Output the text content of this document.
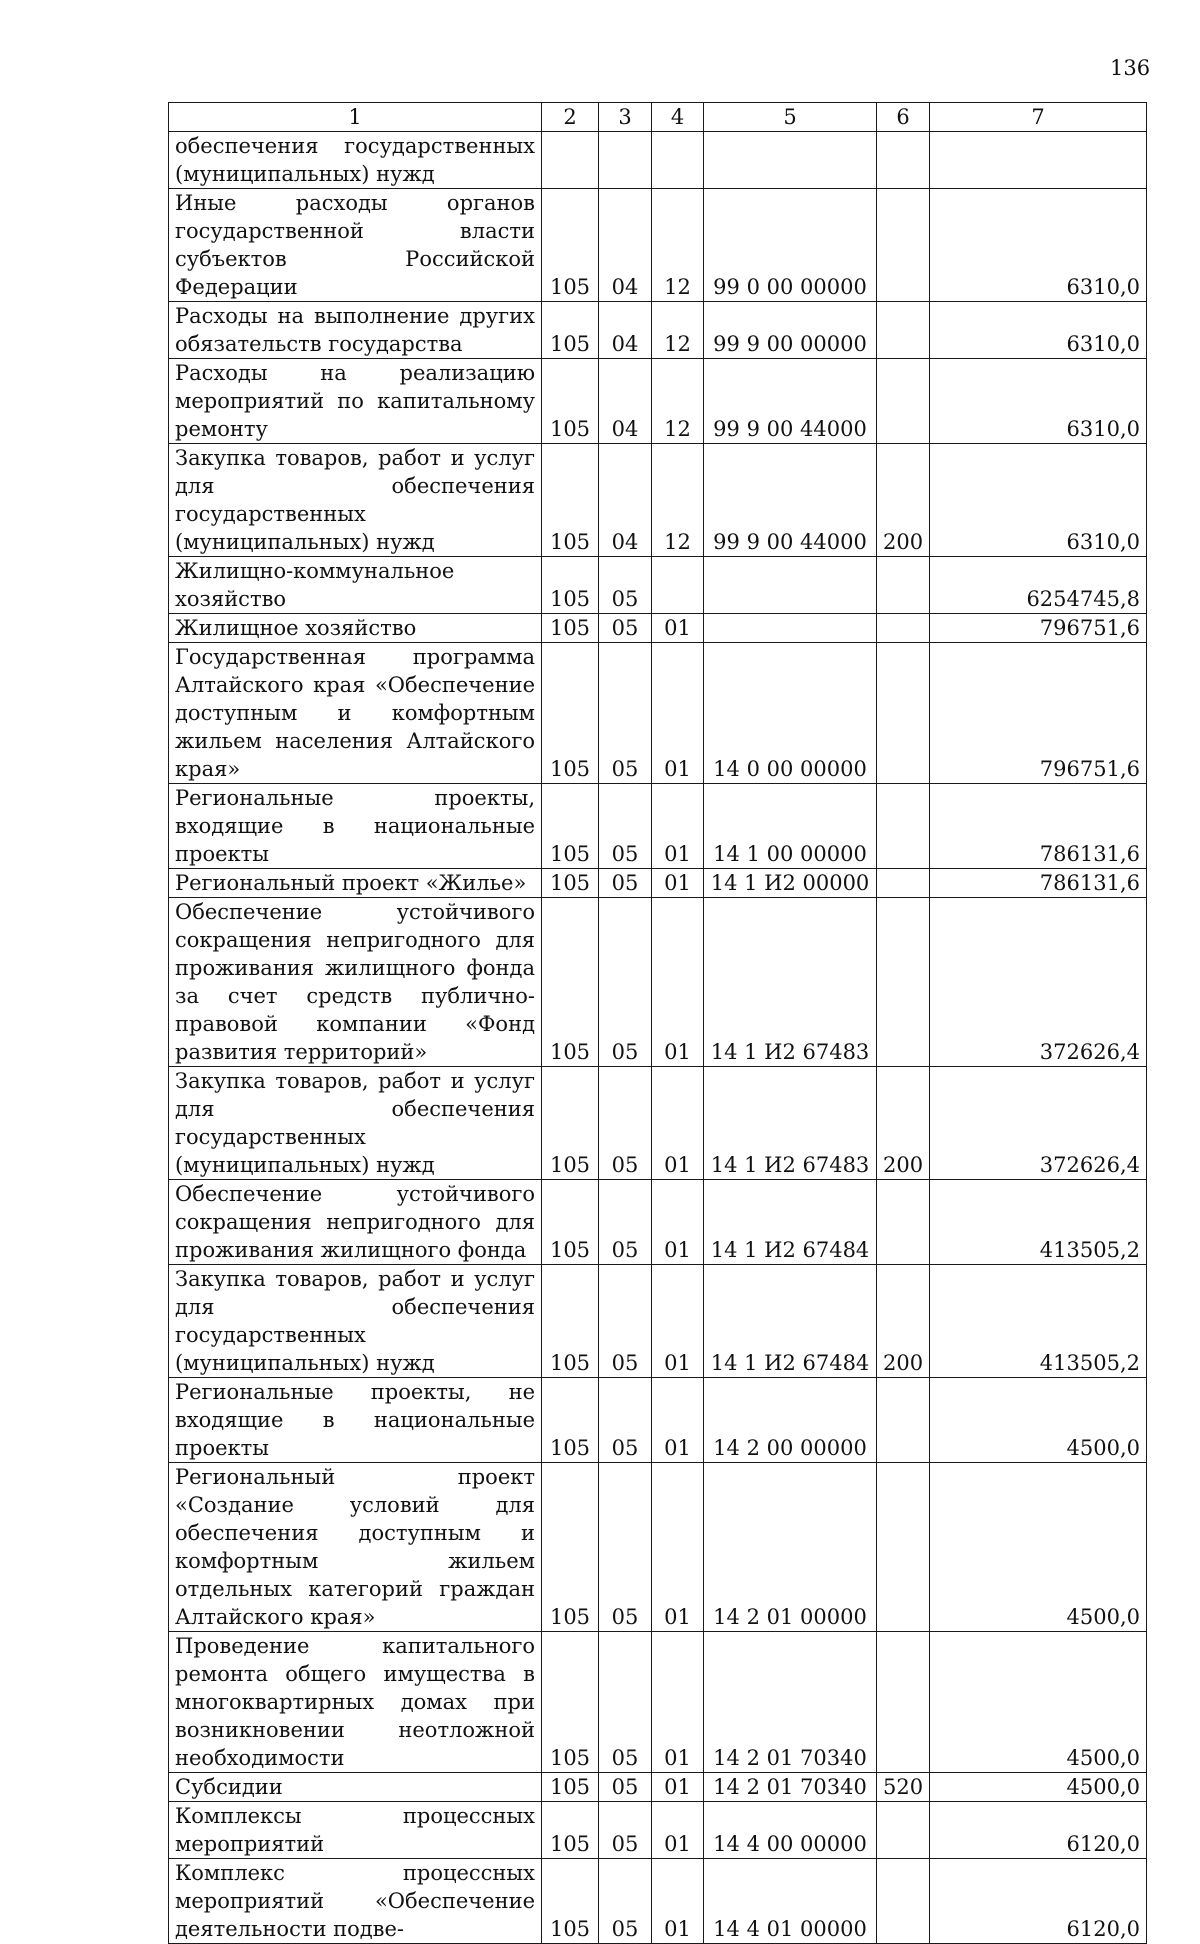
136
1	2	3	4	5	6	7
обеспечения государственных (муниципальных) нужд						
Иные расходы органов государственной власти субъектов Российской Федерации	105	04	12	99 0 00 00000		6310,0
Расходы на выполнение других обязательств государства	105	04	12	99 9 00 00000		6310,0
Расходы на реализацию мероприятий по капитальному ремонту	105	04	12	99 9 00 44000		6310,0
Закупка товаров, работ и услуг для обеспечения государственных (муниципальных) нужд	105	04	12	99 9 00 44000	200	6310,0
Жилищно-коммунальное хозяйство	105	05				6254745,8
Жилищное хозяйство	105	05	01			796751,6
Государственная программа Алтайского края «Обеспечение доступным и комфортным жильем населения Алтайского края»	105	05	01	14 0 00 00000		796751,6
Региональные проекты, входящие в национальные проекты	105	05	01	14 1 00 00000		786131,6
Региональный проект «Жилье»	105	05	01	14 1 И2 00000		786131,6
Обеспечение устойчивого сокращения непригодного для проживания жилищного фонда за счет средств публично-правовой компании «Фонд развития территорий»	105	05	01	14 1 И2 67483		372626,4
Закупка товаров, работ и услуг для обеспечения государственных (муниципальных) нужд	105	05	01	14 1 И2 67483	200	372626,4
Обеспечение устойчивого сокращения непригодного для проживания жилищного фонда	105	05	01	14 1 И2 67484		413505,2
Закупка товаров, работ и услуг для обеспечения государственных (муниципальных) нужд	105	05	01	14 1 И2 67484	200	413505,2
Региональные проекты, не входящие в национальные проекты	105	05	01	14 2 00 00000		4500,0
Региональный проект «Создание условий для обеспечения доступным и комфортным жильем отдельных категорий граждан Алтайского края»	105	05	01	14 2 01 00000		4500,0
Проведение капитального ремонта общего имущества в многоквартирных домах при возникновении неотложной необходимости	105	05	01	14 2 01 70340		4500,0
Субсидии	105	05	01	14 2 01 70340	520	4500,0
Комплексы процессных мероприятий	105	05	01	14 4 00 00000		6120,0
Комплекс процессных мероприятий «Обеспечение деятельности подве-	105	05	01	14 4 01 00000		6120,0
